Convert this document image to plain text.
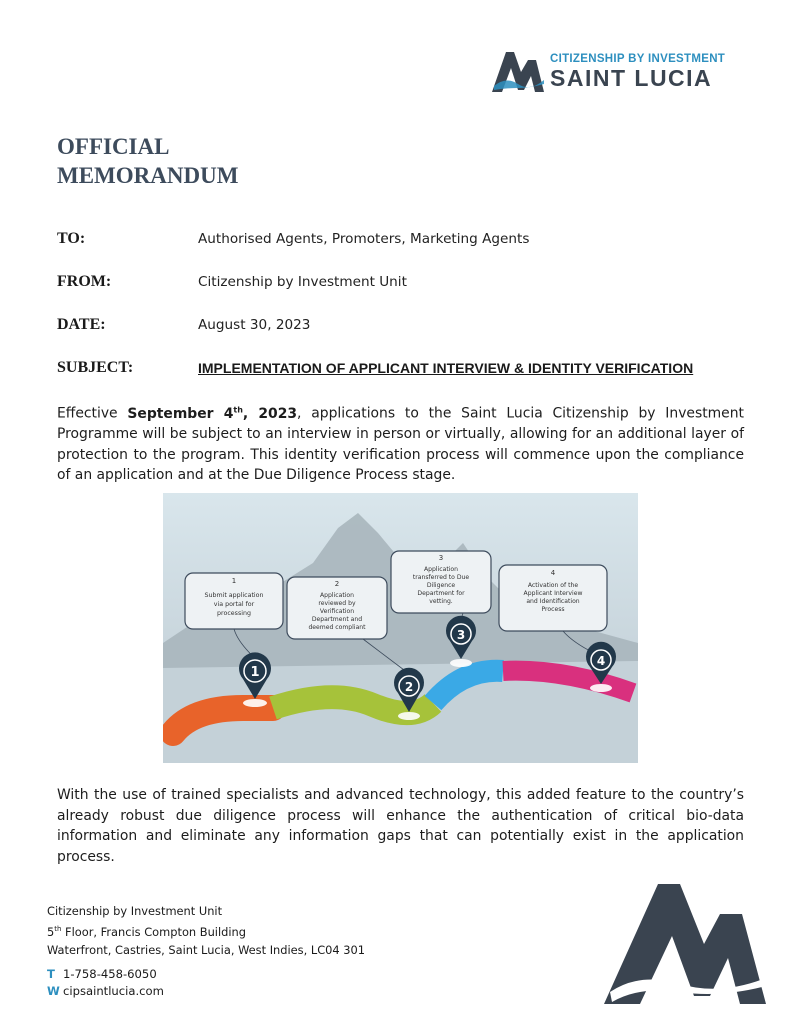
CITIZENSHIP BY INVESTMENT
SAINT LUCIA
OFFICIAL
MEMORANDUM
TO:	Authorised Agents, Promoters, Marketing Agents
FROM:	Citizenship by Investment Unit
DATE:	August 30, 2023
SUBJECT:	IMPLEMENTATION OF APPLICANT INTERVIEW & IDENTITY VERIFICATION
Effective September 4th, 2023, applications to the Saint Lucia Citizenship by Investment Programme will be subject to an interview in person or virtually, allowing for an additional layer of protection to the program. This identity verification process will commence upon the compliance of an application and at the Due Diligence Process stage.
1
Submit application
via portal for
processing
2
Application
reviewed by
Verification
Department and
deemed compliant
3
Application
transferred to Due
Diligence
Department for
vetting.
4
Activation of the
Applicant Interview
and Identification
Process
1
2
3
4
With the use of trained specialists and advanced technology, this added feature to the country’s already robust due diligence process will enhance the authentication of critical bio-data information and eliminate any information gaps that can potentially exist in the application process.
Citizenship by Investment Unit
5th Floor, Francis Compton Building
Waterfront, Castries, Saint Lucia, West Indies, LC04 301
T 1-758-458-6050
W cipsaintlucia.com
